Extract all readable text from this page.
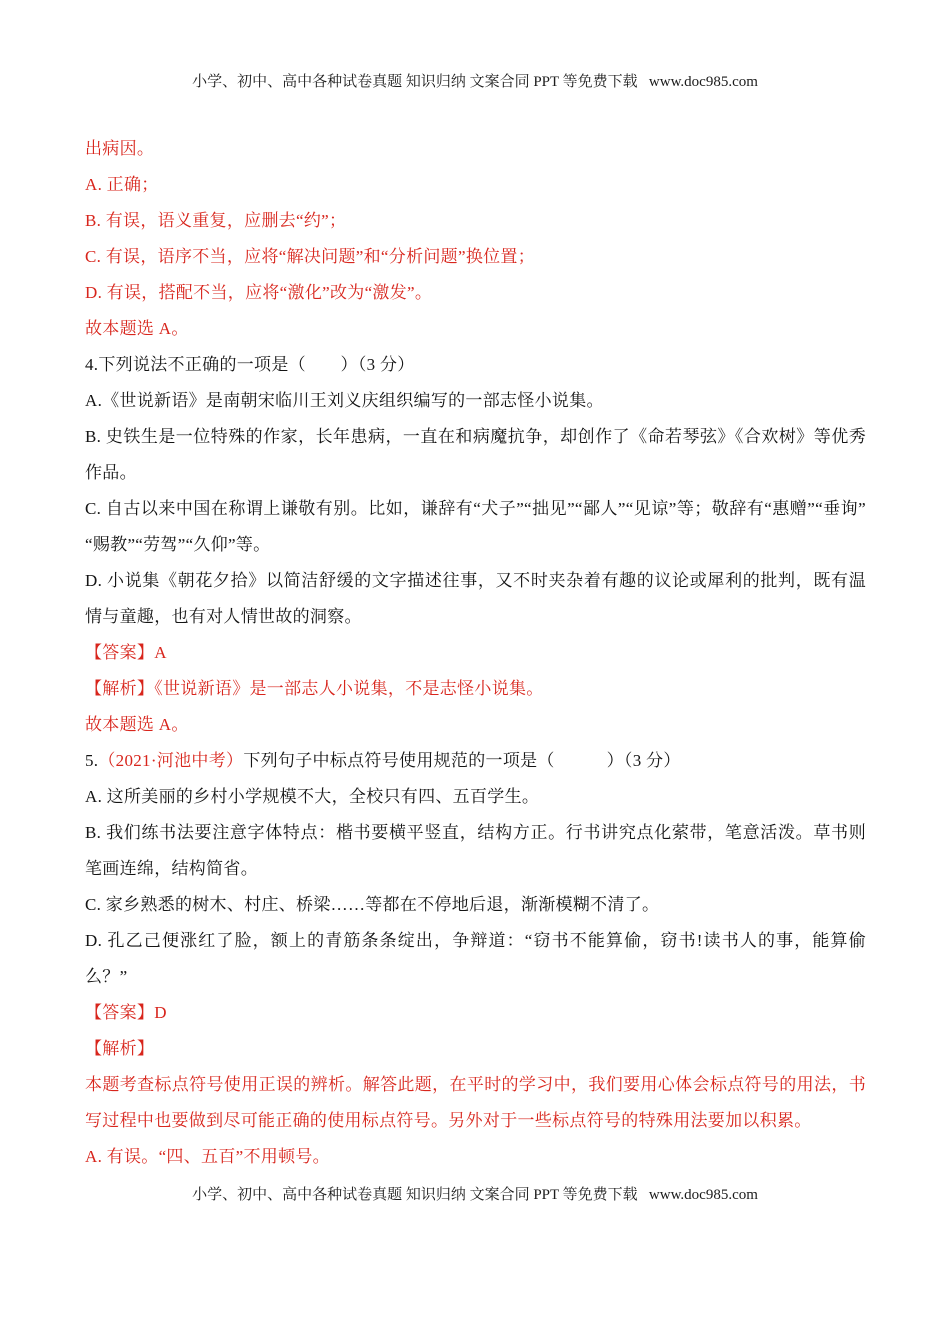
小学、初中、高中各种试卷真题 知识归纳 文案合同 PPT 等免费下载   www.doc985.com

出病因。

A. 正确；

B. 有误，语义重复，应删去“约”；

C. 有误，语序不当，应将“解决问题”和“分析问题”换位置；

D. 有误，搭配不当，应将“激化”改为“激发”。

故本题选 A。

4.下列说法不正确的一项是（　　）（3 分）

A.《世说新语》是南朝宋临川王刘义庆组织编写的一部志怪小说集。

B. 史铁生是一位特殊的作家，长年患病，一直在和病魔抗争，却创作了《命若琴弦》《合欢树》等优秀作品。

C. 自古以来中国在称谓上谦敬有别。比如，谦辞有“犬子”“拙见”“鄙人”“见谅”等；敬辞有“惠赠”“垂询”“赐教”“劳驾”“久仰”等。

D. 小说集《朝花夕拾》以简洁舒缓的文字描述往事，又不时夹杂着有趣的议论或犀利的批判，既有温情与童趣，也有对人情世故的洞察。

【答案】A

【解析】《世说新语》是一部志人小说集，不是志怪小说集。

故本题选 A。

5.（2021·河池中考）下列句子中标点符号使用规范的一项是（　　　）（3 分）

A. 这所美丽的乡村小学规模不大，全校只有四、五百学生。

B. 我们练书法要注意字体特点：楷书要横平竖直，结构方正。行书讲究点化萦带，笔意活泼。草书则笔画连绵，结构简省。

C. 家乡熟悉的树木、村庄、桥梁……等都在不停地后退，渐渐模糊不清了。

D. 孔乙己便涨红了脸，额上的青筋条条绽出，争辩道：“窃书不能算偷，窃书!读书人的事，能算偷么？”

【答案】D

【解析】

本题考查标点符号使用正误的辨析。解答此题，在平时的学习中，我们要用心体会标点符号的用法，书写过程中也要做到尽可能正确的使用标点符号。另外对于一些标点符号的特殊用法要加以积累。

A. 有误。“四、五百”不用顿号。

小学、初中、高中各种试卷真题 知识归纳 文案合同 PPT 等免费下载   www.doc985.com
